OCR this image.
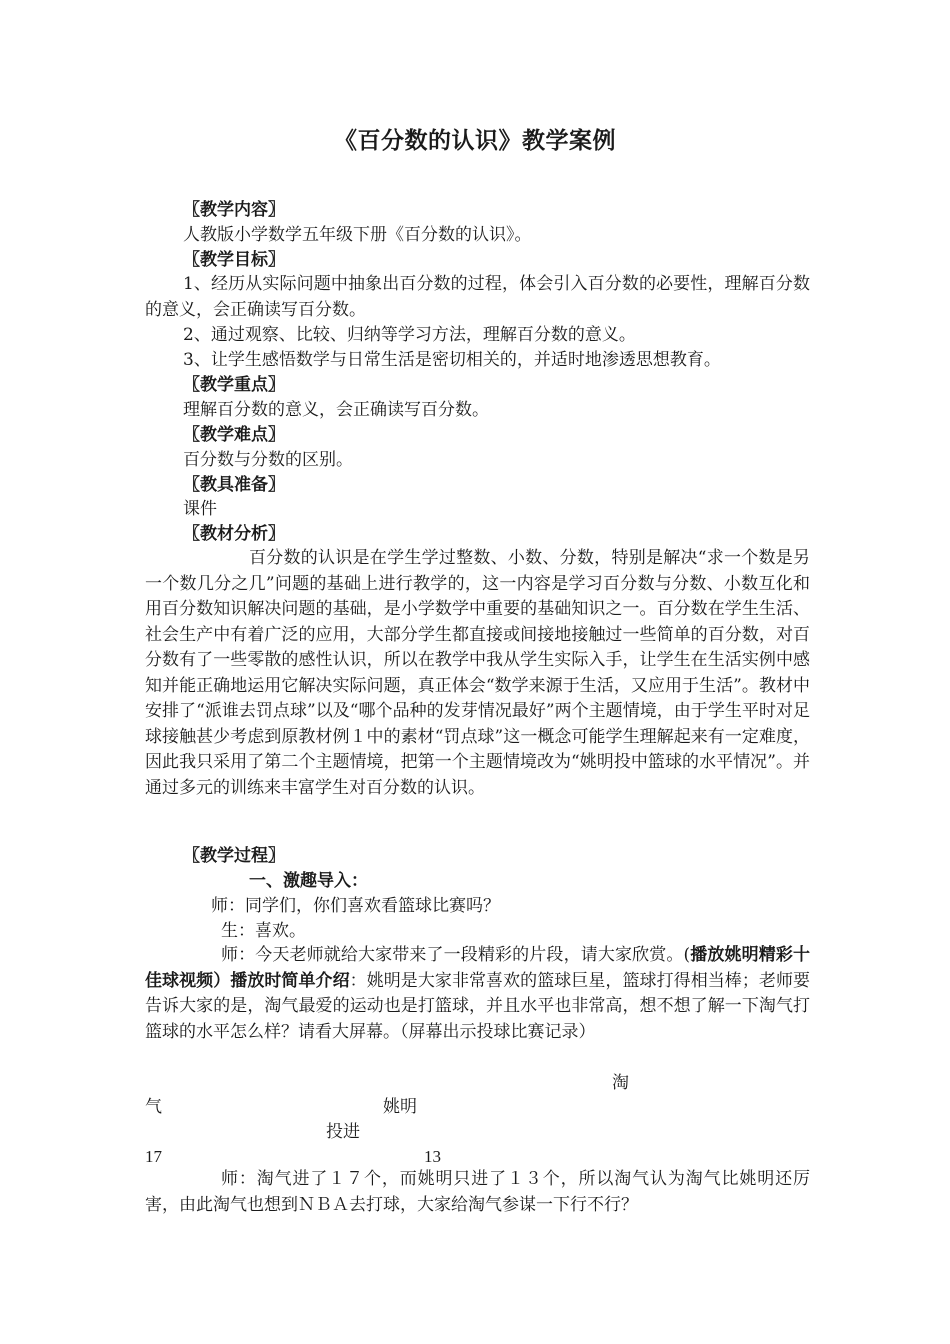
《百分数的认识》教学案例
〖教学内容〗
人教版小学数学五年级下册《百分数的认识》。
〖教学目标〗
1、经历从实际问题中抽象出百分数的过程，体会引入百分数的必要性，理解百分数的意义，会正确读写百分数。
2、通过观察、比较、归纳等学习方法，理解百分数的意义。
3、让学生感悟数学与日常生活是密切相关的，并适时地渗透思想教育。
〖教学重点〗
理解百分数的意义，会正确读写百分数。
〖教学难点〗
百分数与分数的区别。
〖教具准备〗
课件
〖教材分析〗
百分数的认识是在学生学过整数、小数、分数，特别是解决“求一个数是另一个数几分之几”问题的基础上进行教学的，这一内容是学习百分数与分数、小数互化和用百分数知识解决问题的基础，是小学数学中重要的基础知识之一。百分数在学生生活、社会生产中有着广泛的应用，大部分学生都直接或间接地接触过一些简单的百分数，对百分数有了一些零散的感性认识，所以在教学中我从学生实际入手，让学生在生活实例中感知并能正确地运用它解决实际问题，真正体会“数学来源于生活，又应用于生活”。教材中安排了“派谁去罚点球”以及“哪个品种的发芽情况最好”两个主题情境，由于学生平时对足球接触甚少考虑到原教材例１中的素材“罚点球”这一概念可能学生理解起来有一定难度，因此我只采用了第二个主题情境，把第一个主题情境改为“姚明投中篮球的水平情况”。并通过多元的训练来丰富学生对百分数的认识。
〖教学过程〗
一、激趣导入：
师：同学们，你们喜欢看篮球比赛吗？
生：喜欢。
师：今天老师就给大家带来了一段精彩的片段，请大家欣赏。(播放姚明精彩十佳球视频）播放时简单介绍：姚明是大家非常喜欢的篮球巨星，篮球打得相当棒；老师要告诉大家的是，淘气最爱的运动也是打篮球，并且水平也非常高，想不想了解一下淘气打篮球的水平怎么样？请看大屏幕。（屏幕出示投球比赛记录）
淘
气	姚明
投进
17	13
师：淘气进了１７个，而姚明只进了１３个，所以淘气认为淘气比姚明还厉害，由此淘气也想到ＮＢＡ去打球，大家给淘气参谋一下行不行？
